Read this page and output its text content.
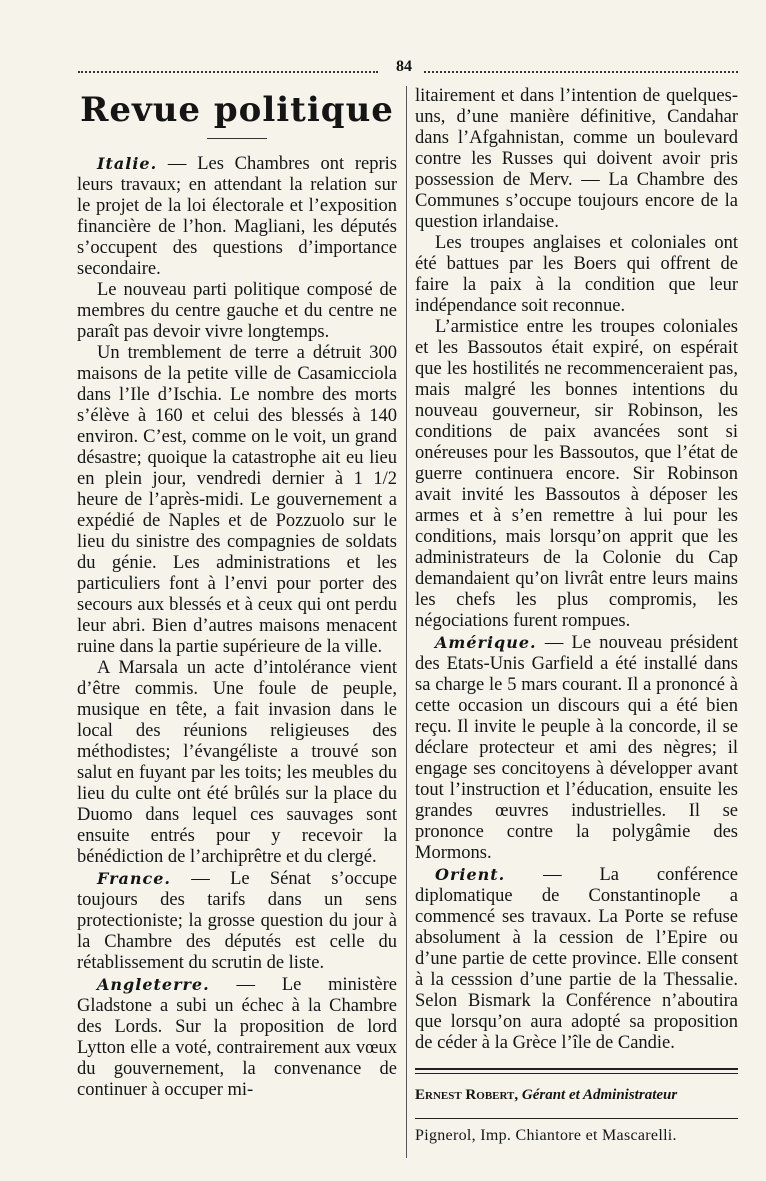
84
Revue politique

Italie. — Les Chambres ont repris leurs travaux; en attendant la relation sur le projet de la loi électorale et l’exposition financière de l’hon. Magliani, les députés s’occupent des questions d’importance secondaire.

Le nouveau parti politique composé de membres du centre gauche et du centre ne paraît pas devoir vivre longtemps.

Un tremblement de terre a détruit 300 maisons de la petite ville de Casamicciola dans l’Ile d’Ischia. Le nombre des morts s’élève à 160 et celui des blessés à 140 environ. C’est, comme on le voit, un grand désastre; quoique la catastrophe ait eu lieu en plein jour, vendredi dernier à 1 1/2 heure de l’après-midi. Le gouvernement a expédié de Naples et de Pozzuolo sur le lieu du sinistre des compagnies de soldats du génie. Les administrations et les particuliers font à l’envi pour porter des secours aux blessés et à ceux qui ont perdu leur abri. Bien d’autres maisons menacent ruine dans la partie supérieure de la ville.

A Marsala un acte d’intolérance vient d’être commis. Une foule de peuple, musique en tête, a fait invasion dans le local des réunions religieuses des méthodistes; l’évangéliste a trouvé son salut en fuyant par les toits; les meubles du lieu du culte ont été brûlés sur la place du Duomo dans lequel ces sauvages sont ensuite entrés pour y recevoir la bénédiction de l’archiprêtre et du clergé.

France. — Le Sénat s’occupe toujours des tarifs dans un sens protectioniste; la grosse question du jour à la Chambre des députés est celle du rétablissement du scrutin de liste.

Angleterre. — Le ministère Gladstone a subi un échec à la Chambre des Lords. Sur la proposition de lord Lytton elle a voté, contrairement aux vœux du gouvernement, la convenance de continuer à occuper mi-

litairement et dans l’intention de quelques-uns, d’une manière définitive, Candahar dans l’Afgahnistan, comme un boulevard contre les Russes qui doivent avoir pris possession de Merv. — La Chambre des Communes s’occupe toujours encore de la question irlandaise.

Les troupes anglaises et coloniales ont été battues par les Boers qui offrent de faire la paix à la condition que leur indépendance soit reconnue.

L’armistice entre les troupes coloniales et les Bassoutos était expiré, on espérait que les hostilités ne recommenceraient pas, mais malgré les bonnes intentions du nouveau gouverneur, sir Robinson, les conditions de paix avancées sont si onéreuses pour les Bassoutos, que l’état de guerre continuera encore. Sir Robinson avait invité les Bassoutos à déposer les armes et à s’en remettre à lui pour les conditions, mais lorsqu’on apprit que les administrateurs de la Colonie du Cap demandaient qu’on livrât entre leurs mains les chefs les plus compromis, les négociations furent rompues.

Amérique. — Le nouveau président des Etats-Unis Garfield a été installé dans sa charge le 5 mars courant. Il a prononcé à cette occasion un discours qui a été bien reçu. Il invite le peuple à la concorde, il se déclare protecteur et ami des nègres; il engage ses concitoyens à développer avant tout l’instruction et l’éducation, ensuite les grandes œuvres industrielles. Il se prononce contre la polygâmie des Mormons.

Orient. — La conférence diplomatique de Constantinople a commencé ses travaux. La Porte se refuse absolument à la cession de l’Epire ou d’une partie de cette province. Elle consent à la cesssion d’une partie de la Thessalie. Selon Bismark la Conférence n’aboutira que lorsqu’on aura adopté sa proposition de céder à la Grèce l’île de Candie.

Ernest Robert, Gérant et Administrateur

Pignerol, Imp. Chiantore et Mascarelli.
